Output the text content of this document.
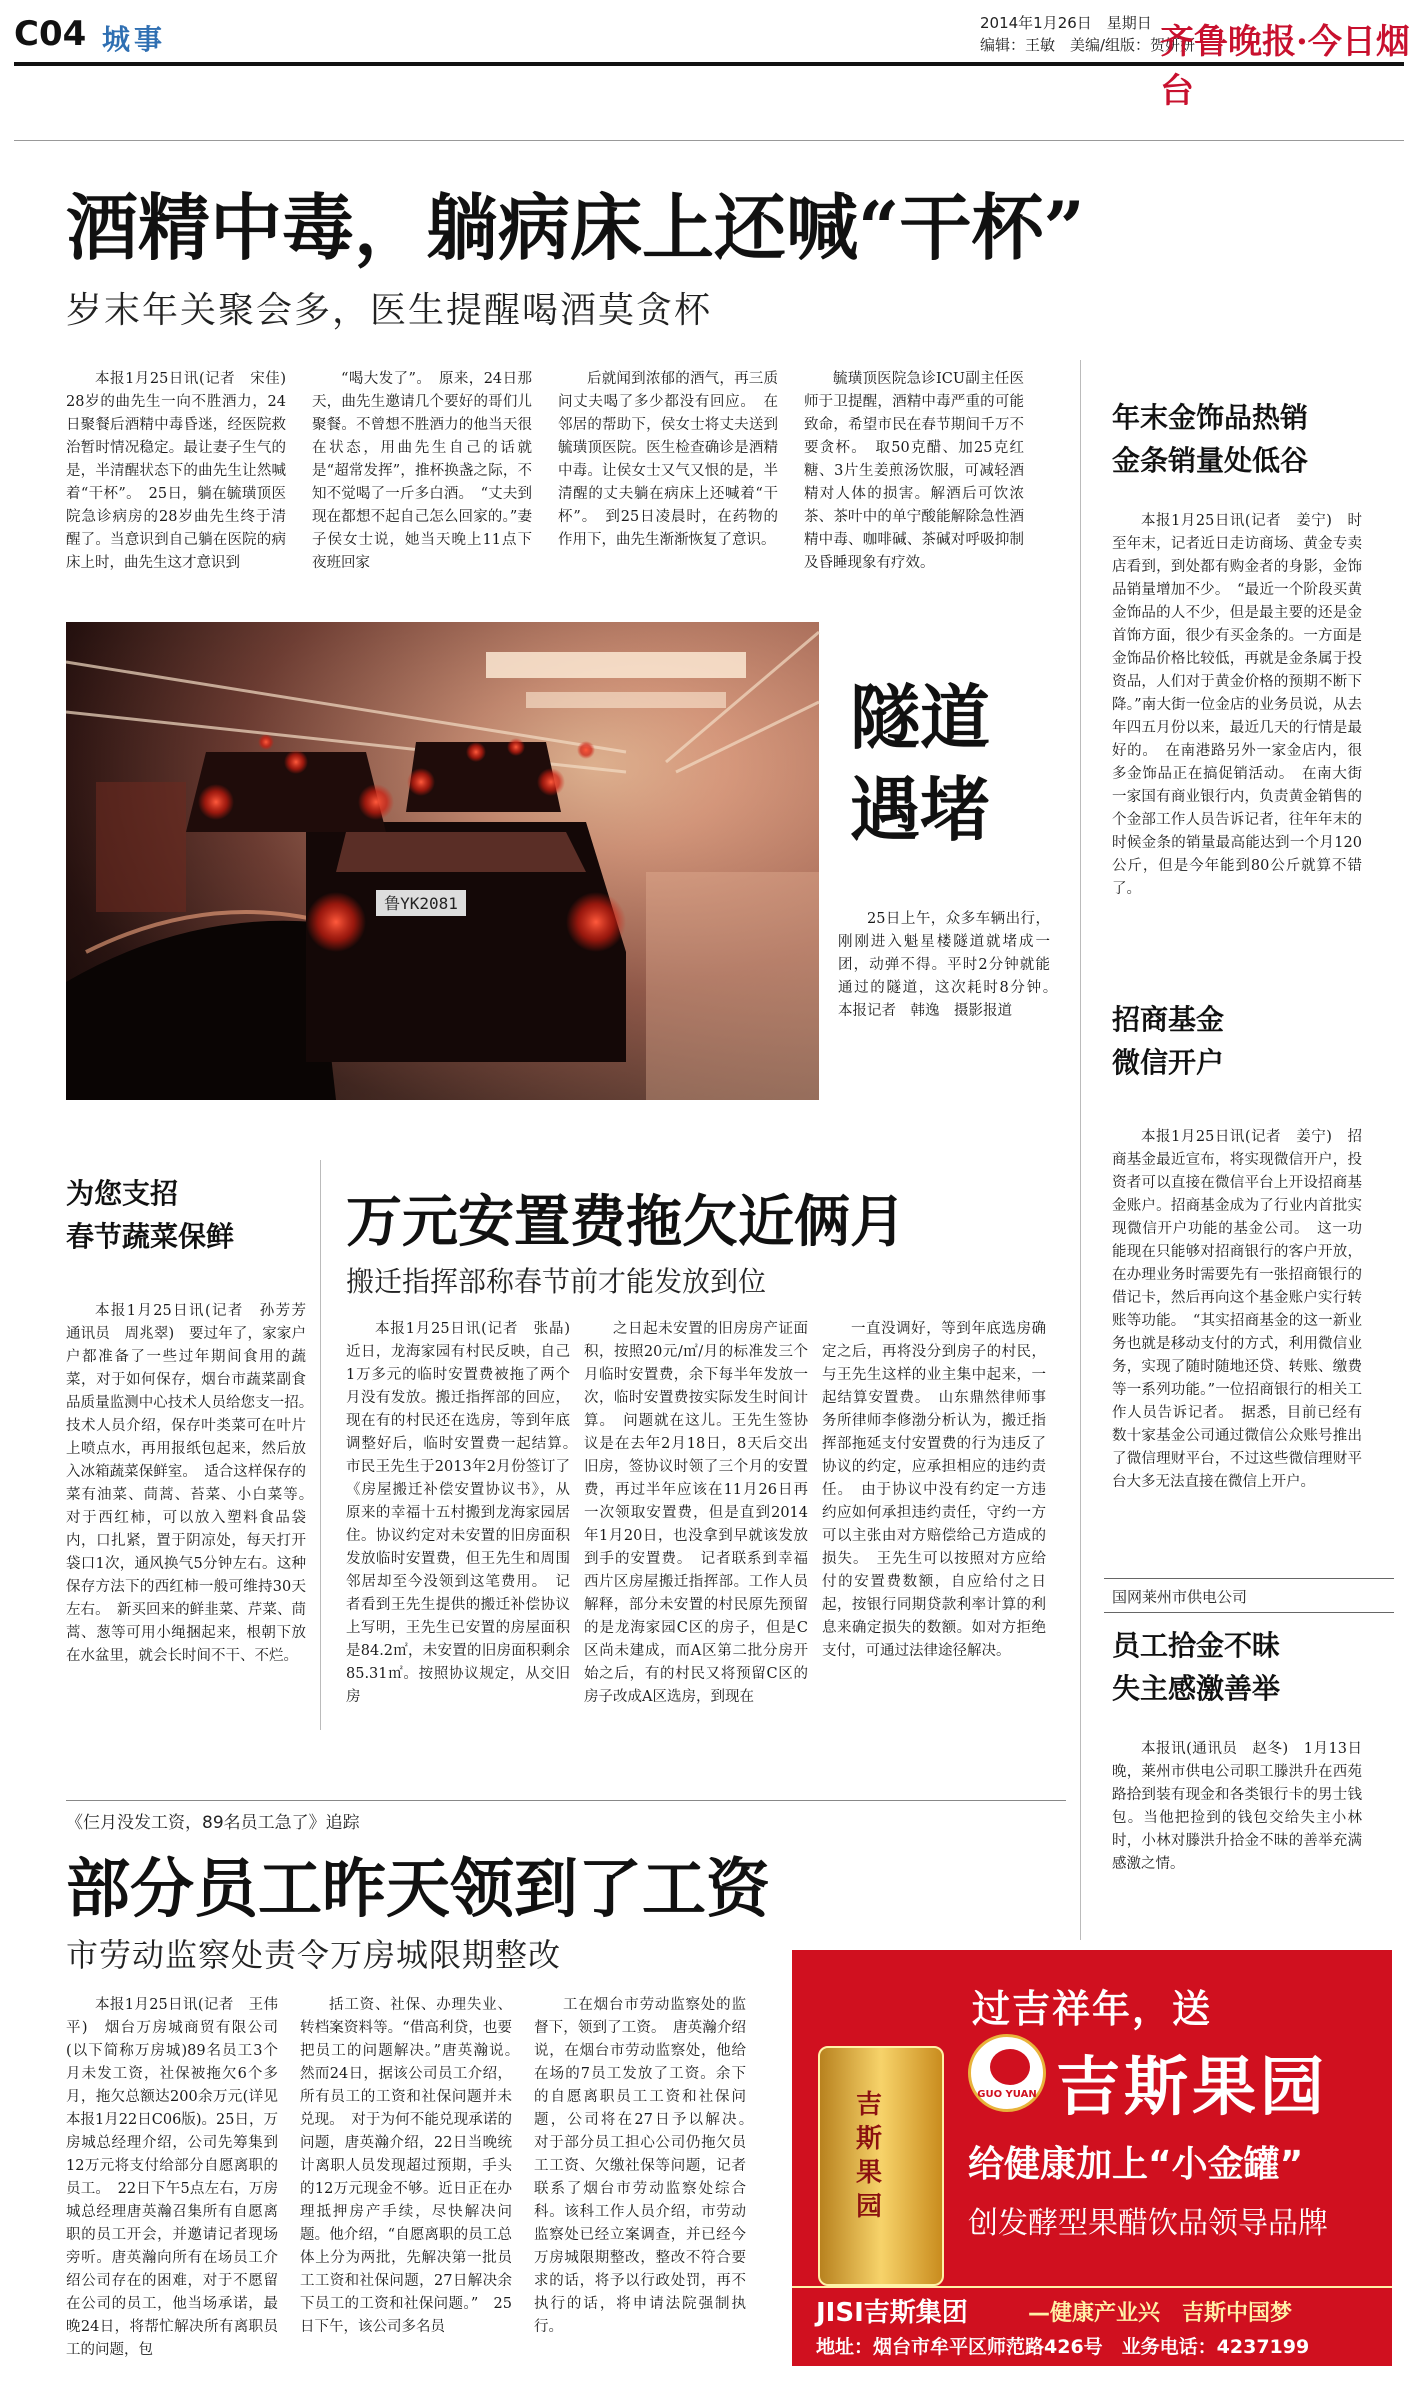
C04 城事	2014年1月26日　星期日
编辑：王敏　美编/组版：贺妍妍
齐鲁晚报·今日烟台
酒精中毒，躺病床上还喊“干杯”
岁末年关聚会多，医生提醒喝酒莫贪杯

本报1月25日讯(记者　宋佳)　28岁的曲先生一向不胜酒力，24日聚餐后酒精中毒昏迷，经医院救治暂时情况稳定。最让妻子生气的是，半清醒状态下的曲先生让然喊着“干杯”。　25日，躺在毓璜顶医院急诊病房的28岁曲先生终于清醒了。当意识到自己躺在医院的病床上时，曲先生这才意识到

“喝大发了”。　原来，24日那天，曲先生邀请几个要好的哥们儿聚餐。不曾想不胜酒力的他当天很在状态，用曲先生自己的话就是“超常发挥”，推杯换盏之际，不知不觉喝了一斤多白酒。　“丈夫到现在都想不起自己怎么回家的。”妻子侯女士说，她当天晚上11点下夜班回家

后就闻到浓郁的酒气，再三质问丈夫喝了多少都没有回应。　在邻居的帮助下，侯女士将丈夫送到毓璜顶医院。医生检查确诊是酒精中毒。让侯女士又气又恨的是，半清醒的丈夫躺在病床上还喊着“干杯”。　到25日凌晨时，在药物的作用下，曲先生渐渐恢复了意识。

毓璜顶医院急诊ICU副主任医师于卫提醒，酒精中毒严重的可能致命，希望市民在春节期间千万不要贪杯。　取50克醋、加25克红糖、3片生姜煎汤饮服，可减轻酒精对人体的损害。解酒后可饮浓茶、茶叶中的单宁酸能解除急性酒精中毒、咖啡碱、茶碱对呼吸抑制及昏睡现象有疗效。

鲁YK2081
隧道
遇堵

25日上午，众多车辆出行，刚刚进入魁星楼隧道就堵成一团，动弹不得。平时2分钟就能通过的隧道，这次耗时8分钟。　本报记者　韩逸　摄影报道

年末金饰品热销
金条销量处低谷

本报1月25日讯(记者　姜宁)　时至年末，记者近日走访商场、黄金专卖店看到，到处都有购金者的身影，金饰品销量增加不少。　“最近一个阶段买黄金饰品的人不少，但是最主要的还是金首饰方面，很少有买金条的。一方面是金饰品价格比较低，再就是金条属于投资品，人们对于黄金价格的预期不断下降。”南大街一位金店的业务员说，从去年四五月份以来，最近几天的行情是最好的。　在南港路另外一家金店内，很多金饰品正在搞促销活动。　在南大街一家国有商业银行内，负责黄金销售的个金部工作人员告诉记者，往年年末的时候金条的销量最高能达到一个月120公斤，但是今年能到80公斤就算不错了。

招商基金
微信开户

本报1月25日讯(记者　姜宁)　招商基金最近宣布，将实现微信开户，投资者可以直接在微信平台上开设招商基金账户。招商基金成为了行业内首批实现微信开户功能的基金公司。　这一功能现在只能够对招商银行的客户开放，在办理业务时需要先有一张招商银行的借记卡，然后再向这个基金账户实行转账等功能。　“其实招商基金的这一新业务也就是移动支付的方式，利用微信业务，实现了随时随地还贷、转账、缴费等一系列功能。”一位招商银行的相关工作人员告诉记者。　据悉，目前已经有数十家基金公司通过微信公众账号推出了微信理财平台，不过这些微信理财平台大多无法直接在微信上开户。

国网莱州市供电公司
员工拾金不昧
失主感激善举

本报讯(通讯员　赵冬)　1月13日晚，莱州市供电公司职工滕洪升在西苑路拾到装有现金和各类银行卡的男士钱包。当他把捡到的钱包交给失主小林时，小林对滕洪升拾金不昧的善举充满感激之情。

为您支招
春节蔬菜保鲜

本报1月25日讯(记者　孙芳芳　通讯员　周兆翠)　要过年了，家家户户都准备了一些过年期间食用的蔬菜，对于如何保存，烟台市蔬菜副食品质量监测中心技术人员给您支一招。　技术人员介绍，保存叶类菜可在叶片上喷点水，再用报纸包起来，然后放入冰箱蔬菜保鲜室。　适合这样保存的菜有油菜、茼蒿、苔菜、小白菜等。　对于西红柿，可以放入塑料食品袋内，口扎紧，置于阴凉处，每天打开袋口1次，通风换气5分钟左右。这种保存方法下的西红柿一般可维持30天左右。　新买回来的鲜韭菜、芹菜、茼蒿、葱等可用小绳捆起来，根朝下放在水盆里，就会长时间不干、不烂。

万元安置费拖欠近俩月
搬迁指挥部称春节前才能发放到位

本报1月25日讯(记者　张晶)　近日，龙海家园有村民反映，自己1万多元的临时安置费被拖了两个月没有发放。搬迁指挥部的回应，现在有的村民还在选房，等到年底调整好后，临时安置费一起结算。　市民王先生于2013年2月份签订了《房屋搬迁补偿安置协议书》，从原来的幸福十五村搬到龙海家园居住。协议约定对未安置的旧房面积发放临时安置费，但王先生和周围邻居却至今没领到这笔费用。　记者看到王先生提供的搬迁补偿协议上写明，王先生已安置的房屋面积是84.2㎡，未安置的旧房面积剩余85.31㎡。按照协议规定，从交旧房

之日起未安置的旧房房产证面积，按照20元/㎡/月的标准发三个月临时安置费，余下每半年发放一次，临时安置费按实际发生时间计算。　问题就在这儿。王先生签协议是在去年2月18日，8天后交出旧房，签协议时领了三个月的安置费，再过半年应该在11月26日再一次领取安置费，但是直到2014年1月20日，也没拿到早就该发放到手的安置费。　记者联系到幸福西片区房屋搬迁指挥部。工作人员解释，部分未安置的村民原先预留的是龙海家园C区的房子，但是C区尚未建成，而A区第二批分房开始之后，有的村民又将预留C区的房子改成A区选房，到现在

一直没调好，等到年底选房确定之后，再将没分到房子的村民，与王先生这样的业主集中起来，一起结算安置费。　山东鼎然律师事务所律师李修渤分析认为，搬迁指挥部拖延支付安置费的行为违反了协议的约定，应承担相应的违约责任。　由于协议中没有约定一方违约应如何承担违约责任，守约一方可以主张由对方赔偿给己方造成的损失。　王先生可以按照对方应给付的安置费数额，自应给付之日起，按银行同期贷款利率计算的利息来确定损失的数额。如对方拒绝支付，可通过法律途径解决。

《仨月没发工资，89名员工急了》追踪
部分员工昨天领到了工资
市劳动监察处责令万房城限期整改

本报1月25日讯(记者　王伟平)　烟台万房城商贸有限公司(以下简称万房城)89名员工3个月未发工资，社保被拖欠6个多月，拖欠总额达200余万元(详见本报1月22日C06版)。25日，万房城总经理介绍，公司先筹集到12万元将支付给部分自愿离职的员工。　22日下午5点左右，万房城总经理唐英瀚召集所有自愿离职的员工开会，并邀请记者现场旁听。唐英瀚向所有在场员工介绍公司存在的困难，对于不愿留在公司的员工，他当场承诺，最晚24日，将帮忙解决所有离职员工的问题，包

括工资、社保、办理失业、转档案资料等。“借高利贷，也要把员工的问题解决。”唐英瀚说。　然而24日，据该公司员工介绍，所有员工的工资和社保问题并未兑现。　对于为何不能兑现承诺的问题，唐英瀚介绍，22日当晚统计离职人员发现超过预期，手头的12万元现金不够。近日正在办理抵押房产手续，尽快解决问题。他介绍，“自愿离职的员工总体上分为两批，先解决第一批员工工资和社保问题，27日解决余下员工的工资和社保问题。”　25日下午，该公司多名员

工在烟台市劳动监察处的监督下，领到了工资。　唐英瀚介绍说，在烟台市劳动监察处，他给在场的7员工发放了工资。余下的自愿离职员工工资和社保问题，公司将在27日予以解决。　对于部分员工担心公司仍拖欠员工工资、欠缴社保等问题，记者联系了烟台市劳动监察处综合科。该科工作人员介绍，市劳动监察处已经立案调查，并已经今万房城限期整改，整改不符合要求的话，将予以行政处罚，再不执行的话，将申请法院强制执行。

过吉祥年，送
GUO YUAN 吉斯果园
吉斯果园
给健康加上“小金罐”
创发酵型果醋饮品领导品牌
JISI吉斯集团	—健康产业兴　吉斯中国梦
地址：烟台市牟平区师范路426号　业务电话：4237199
